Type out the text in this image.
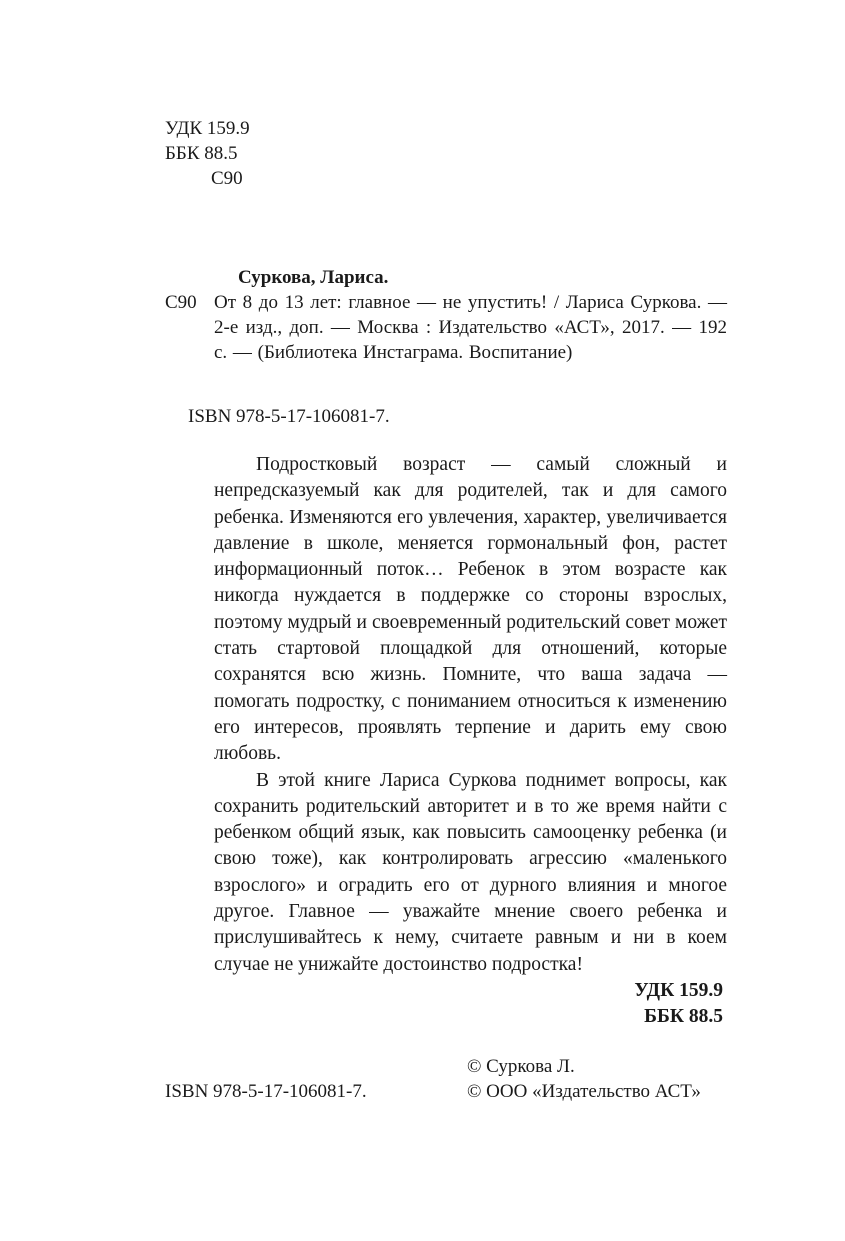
УДК 159.9
ББК 88.5
С90
Суркова, Лариса.
С90 От 8 до 13 лет: главное — не упустить! / Лариса Суркова. — 2-е изд., доп. — Москва : Издательство «АСТ», 2017. — 192 с. — (Библиотека Инстаграма. Воспитание)
ISBN 978-5-17-106081-7.

Подростковый возраст — самый сложный и непредсказуемый как для родителей, так и для самого ребенка. Изменяются его увлечения, характер, увеличивается давление в школе, меняется гормональный фон, растет информационный поток… Ребенок в этом возрасте как никогда нуждается в поддержке со стороны взрослых, поэтому мудрый и своевременный родительский совет может стать стартовой площадкой для отношений, которые сохранятся всю жизнь. Помните, что ваша задача — помогать подростку, с пониманием относиться к изменению его интересов, проявлять терпение и дарить ему свою любовь.

В этой книге Лариса Суркова поднимет вопросы, как сохранить родительский авторитет и в то же время найти с ребенком общий язык, как повысить самооценку ребенка (и свою тоже), как контролировать агрессию «маленького взрослого» и оградить его от дурного влияния и многое другое. Главное — уважайте мнение своего ребенка и прислушивайтесь к нему, считаете равным и ни в коем случае не унижайте достоинство подростка!

УДК 159.9
ББК 88.5
ISBN 978-5-17-106081-7.
© Суркова Л.
© ООО «Издательство АСТ»
